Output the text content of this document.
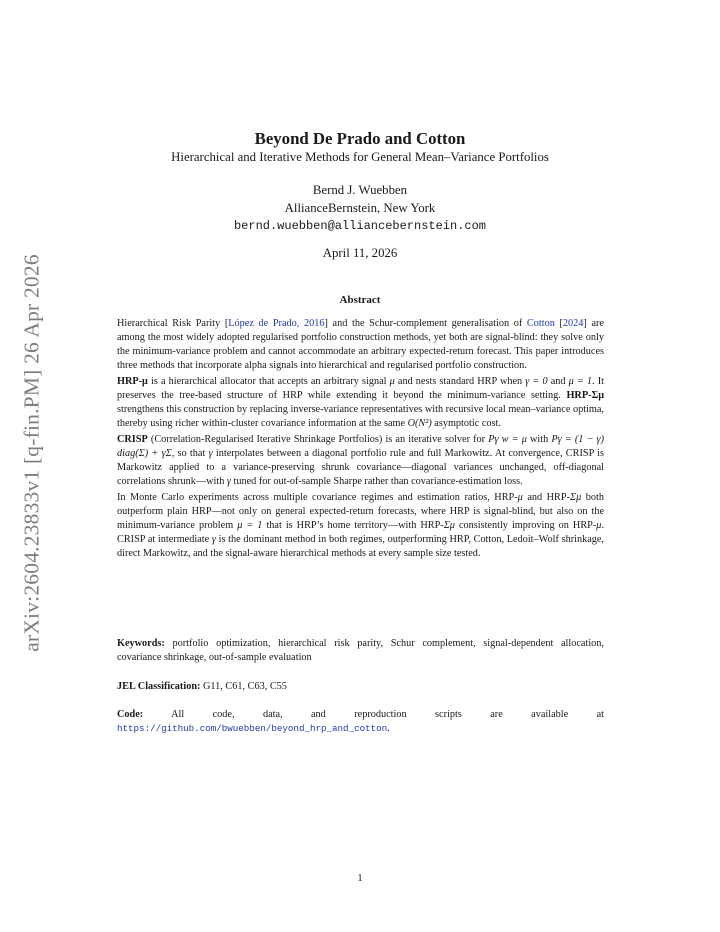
arXiv:2604.23833v1 [q-fin.PM] 26 Apr 2026
Beyond De Prado and Cotton
Hierarchical and Iterative Methods for General Mean–Variance Portfolios
Bernd J. Wuebben
AllianceBernstein, New York
bernd.wuebben@alliancebernstein.com
April 11, 2026
Abstract

Hierarchical Risk Parity [López de Prado, 2016] and the Schur-complement generalisation of Cotton [2024] are among the most widely adopted regularised portfolio construction methods, yet both are signal-blind: they solve only the minimum-variance problem and cannot accommodate an arbitrary expected-return forecast. This paper introduces three methods that incorporate alpha signals into hierarchical and regularised portfolio construction.

HRP-μ is a hierarchical allocator that accepts an arbitrary signal μ and nests standard HRP when γ = 0 and μ = 1. It preserves the tree-based structure of HRP while extending it beyond the minimum-variance setting. HRP-Σμ strengthens this construction by replacing inverse-variance representatives with recursive local mean–variance optima, thereby using richer within-cluster covariance information at the same O(N²) asymptotic cost.

CRISP (Correlation-Regularised Iterative Shrinkage Portfolios) is an iterative solver for Pγ w = μ with Pγ = (1 − γ) diag(Σ) + γΣ, so that γ interpolates between a diagonal portfolio rule and full Markowitz. At convergence, CRISP is Markowitz applied to a variance-preserving shrunk covariance—diagonal variances unchanged, off-diagonal correlations shrunk—with γ tuned for out-of-sample Sharpe rather than covariance-estimation loss.

In Monte Carlo experiments across multiple covariance regimes and estimation ratios, HRP-μ and HRP-Σμ both outperform plain HRP—not only on general expected-return forecasts, where HRP is signal-blind, but also on the minimum-variance problem μ = 1 that is HRP’s home territory—with HRP-Σμ consistently improving on HRP-μ. CRISP at intermediate γ is the dominant method in both regimes, outperforming HRP, Cotton, Ledoit–Wolf shrinkage, direct Markowitz, and the signal-aware hierarchical methods at every sample size tested.

Keywords: portfolio optimization, hierarchical risk parity, Schur complement, signal-dependent allocation, covariance shrinkage, out-of-sample evaluation

JEL Classification: G11, C61, C63, C55

Code: All code, data, and reproduction scripts are available at https://github.com/bwuebben/beyond_hrp_and_cotton.

1
